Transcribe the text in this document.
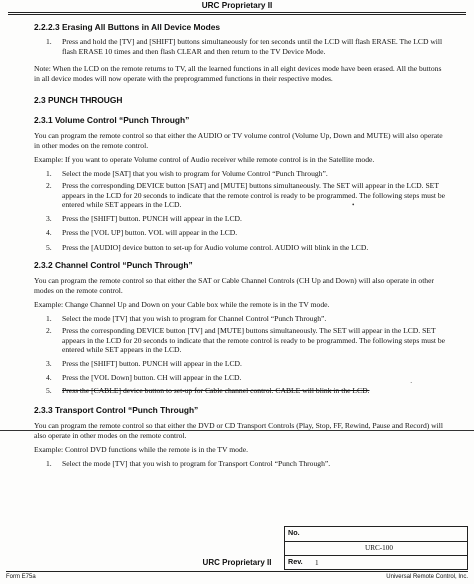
URC Proprietary II
2.2.2.3 Erasing All Buttons in All Device Modes
1. Press and hold the [TV] and [SHIFT] buttons simultaneously for ten seconds until the LCD will flash ERASE. The LCD will flash ERASE 10 times and then flash CLEAR and then return to the TV Device Mode.

Note: When the LCD on the remote returns to TV, all the learned functions in all eight devices mode have been erased. All the buttons in all device modes will now operate with the preprogrammed functions in their respective modes.

2.3 PUNCH THROUGH
2.3.1 Volume Control “Punch Through”

You can program the remote control so that either the AUDIO or TV volume control (Volume Up, Down and MUTE) will also operate in other modes on the remote control.

Example: If you want to operate Volume control of Audio receiver while remote control is in the Satellite mode.

1. Select the mode [SAT] that you wish to program for Volume Control “Punch Through”.
2. Press the corresponding DEVICE button [SAT] and [MUTE] buttons simultaneously. The SET will appear in the LCD. SET appears in the LCD for 20 seconds to indicate that the remote control is ready to be programmed. The following steps must be entered while SET appears in the LCD.
3. Press the [SHIFT] button. PUNCH will appear in the LCD.
4. Press the [VOL UP] button. VOL will appear in the LCD.
5. Press the [AUDIO] device button to set-up for Audio volume control. AUDIO will blink in the LCD.
2.3.2 Channel Control “Punch Through”

You can program the remote control so that either the SAT or Cable Channel Controls (CH Up and Down) will also operate in other modes on the remote control.

Example: Change Channel Up and Down on your Cable box while the remote is in the TV mode.

1. Select the mode [TV] that you wish to program for Channel Control “Punch Through”.
2. Press the corresponding DEVICE button [TV] and [MUTE] buttons simultaneously. The SET will appear in the LCD. SET appears in the LCD for 20 seconds to indicate that the remote control is ready to be programmed. The following steps must be entered while SET appears in the LCD.
3. Press the [SHIFT] button. PUNCH will appear in the LCD.
4. Press the [VOL Down] button. CH will appear in the LCD.
5. Press the [CABLE] device button to set-up for Cable channel control. CABLE will blink in the LCD.
2.3.3 Transport Control “Punch Through”

You can program the remote control so that either the DVD or CD Transport Controls (Play, Stop, FF, Rewind, Pause and Record) will also operate in other modes on the remote control.

Example: Control DVD functions while the remote is in the TV mode.

1. Select the mode [TV] that you wish to program for Transport Control “Punch Through”.
•
·
No.
URC-100
Rev. 1
URC Proprietary II
Form E75a	Universal Remote Control, Inc.
